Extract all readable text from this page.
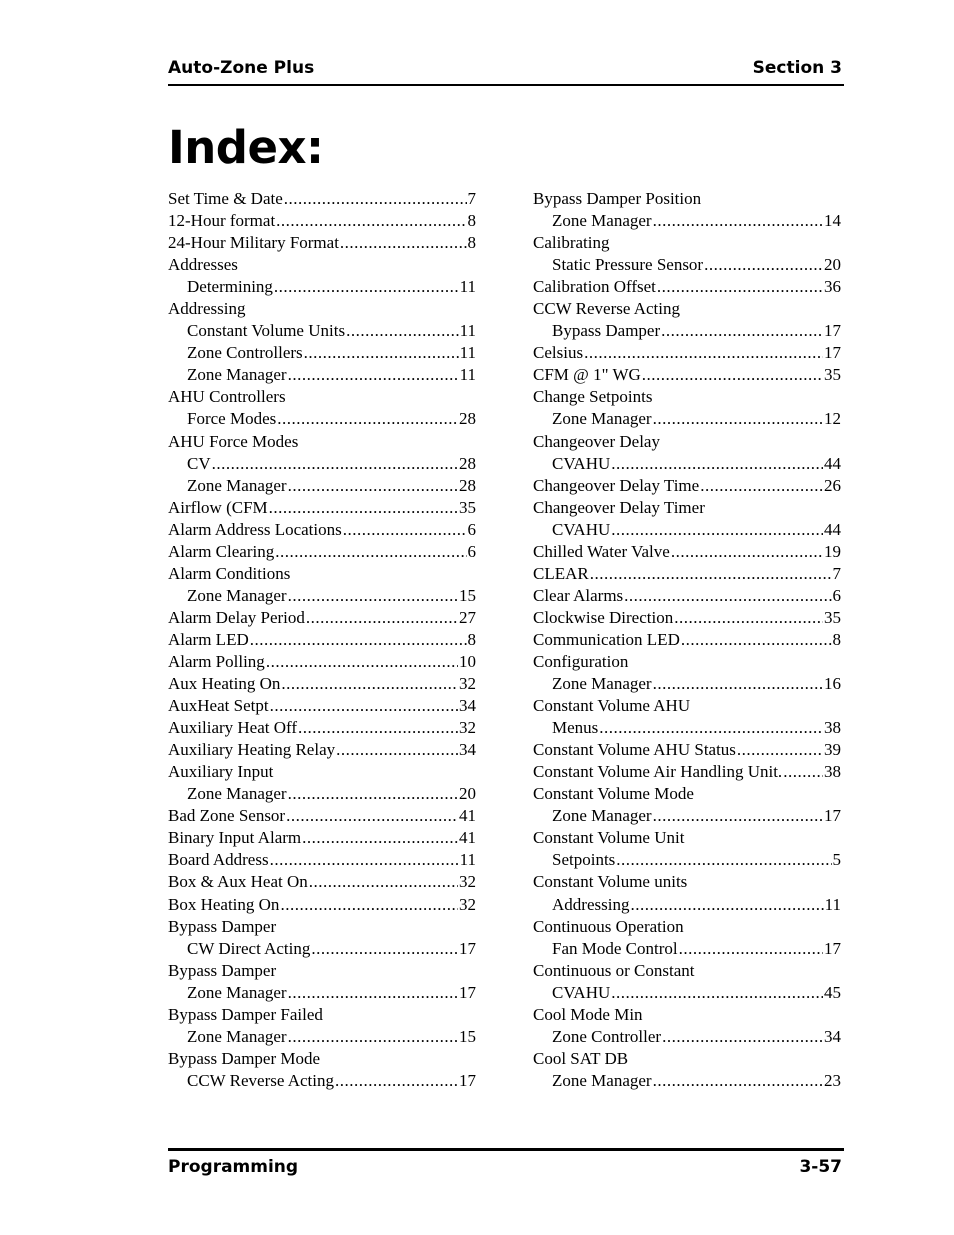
Auto-Zone Plus	Section 3
Index:
Set Time & Date .....	7
12-Hour format .....	8
24-Hour Military Format .....	8
Addresses
Determining .....	11
Addressing
Constant Volume Units .....	11
Zone Controllers .....	11
Zone Manager .....	11
AHU Controllers
Force Modes .....	28
AHU Force Modes
CV .....	28
Zone Manager .....	28
Airflow (CFM .....	35
Alarm Address Locations .....	6
Alarm Clearing .....	6
Alarm Conditions
Zone Manager .....	15
Alarm Delay Period .....	27
Alarm LED .....	8
Alarm Polling .....	10
Aux Heating On .....	32
AuxHeat Setpt .....	34
Auxiliary Heat Off .....	32
Auxiliary Heating Relay .....	34
Auxiliary Input
Zone Manager .....	20
Bad Zone Sensor .....	41
Binary Input Alarm .....	41
Board Address .....	11
Box & Aux Heat On .....	32
Box Heating On .....	32
Bypass Damper
CW Direct Acting .....	17
Bypass Damper
Zone Manager .....	17
Bypass Damper Failed
Zone Manager .....	15
Bypass Damper Mode
CCW Reverse Acting .....	17
Bypass Damper Position
Zone Manager .....	14
Calibrating
Static Pressure Sensor .....	20
Calibration Offset .....	36
CCW Reverse Acting
Bypass Damper .....	17
Celsius .....	17
CFM @ 1" WG .....	35
Change Setpoints
Zone Manager .....	12
Changeover Delay
CVAHU .....	44
Changeover Delay Time .....	26
Changeover Delay Timer
CVAHU .....	44
Chilled Water Valve .....	19
CLEAR .....	7
Clear Alarms .....	6
Clockwise Direction .....	35
Communication LED .....	8
Configuration
Zone Manager .....	16
Constant Volume AHU
Menus .....	38
Constant Volume AHU Status .....	39
Constant Volume Air Handling Unit. ..... 38
Constant Volume Mode
Zone Manager .....	17
Constant Volume Unit
Setpoints .....	5
Constant Volume units
Addressing .....	11
Continuous Operation
Fan Mode Control .....	17
Continuous or Constant
CVAHU .....	45
Cool Mode Min
Zone Controller .....	34
Cool SAT DB
Zone Manager .....	23
Programming	3-57
